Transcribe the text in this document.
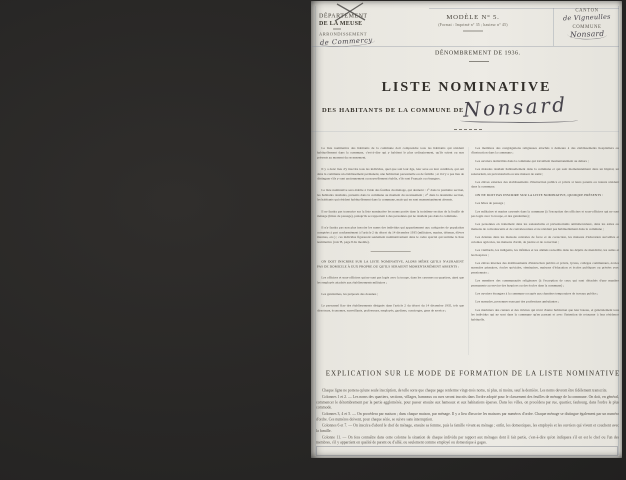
DÉPARTEMENT
DE LA MEUSE
ARRONDISSEMENT
de Commercy
MODÈLE N° 5.
(Format : Imprimé n° 35 ; hauteur n° 45)
CANTON
de Vigneulles
COMMUNE
Nonsard
DÉNOMBREMENT DE 1936.
LISTE NOMINATIVE
DES HABITANTS DE LA COMMUNE DE
Nonsard

La liste nominative des habitants de la commune doit comprendre tous les habitants qui résident habituellement dans la commune, c'est-à-dire qui y habitent le plus ordinairement, qu'ils soient ou non présents au moment du recensement.

Il y a donc lieu d'y inscrire tous les individus, quel que soit leur âge, leur sexe ou leur condition, qui ont dans la commune un établissement permanent, une habitation personnelle ou de famille ; et il n'y a pas lieu de distinguer s'ils y sont anciennement ou nouvellement établis, s'ils sont Français ou étrangers.

La liste nominative sera établie à l'aide des feuilles du ménage, qui donnent : 1° dans la première section, les habitants résidants, présents dans la commune au moment du recensement ; 2° dans la deuxième section, les habitants qui résident habituellement dans la commune, mais qui en sont momentanément absents.

Il ne faudra pas transcrire sur la liste nominative les noms portés dans la troisième section de la feuille de ménage (hôtes de passage), puisqu'ils se rapportent à des personnes qui ne résident pas dans la commune.

Il n'y faudra pas non plus inscrire les noms des individus qui appartiennent aux catégories de population comptées à part conformément à l'article 2 du décret du 14 décembre 1935 (militaires, marins, détenus, élèves internes, etc.) ; ces individus figureront seulement nominativement dans le cadre spécial qui termine la liste nominative (voir B, page 8 du modèle).

ON DOIT INSCRIRE SUR LA LISTE NOMINATIVE, ALORS MÊME QU'ILS N'AURAIENT PAS DE DOMICILE À EUX PROPRE OU QU'ILS SERAIENT MOMENTANÉMENT ABSENTS :

Les officiers et sous-officiers qui ne sont pas logés avec la troupe, dans les casernes ou quartiers, ainsi que les employés attachés aux établissements militaires ;

Les gendarmes, les préposés des douanes ;

Le personnel fixe des établissements désignés dans l'article 2 du décret du 14 décembre 1935, tels que directeurs, économes, surveillants, professeurs, employés, gardiens, concierges, gens de service ;

Les membres des congrégations religieuses attachés à demeure à des établissements hospitaliers ou d'instruction dans la commune ;

Les ouvriers domiciliés dans la commune qui travaillent momentanément au dehors ;

Les malades résidant habituellement dans la commune et qui sont momentanément dans un hôpital, un sanatorium, un préventorium ou une maison de santé ;

Les élèves externes des établissements d'instruction publics et privés si leurs parents ou tuteurs résident dans la commune.

ON NE DOIT PAS INSCRIRE SUR LA LISTE NOMINATIVE, QUOIQUE PRÉSENTS :

Les hôtes de passage ;

Les militaires et marins casernés dans la commune (à l'exception des officiers et sous-officiers qui ne sont pas logés avec la troupe, et des gendarmes) ;

Les personnes en traitement dans les sanatoriums et préventoriums antituberculeux, dans les asiles ou maisons de convalescents et de convalescentes et ne résidant pas habituellement dans la commune ;

Les détenus dans les maisons centrales de force et de correction, les maisons d'éducation surveillée et colonies agricoles, les maisons d'arrêt, de justice et de correction ;

Les vieillards, les indigents, les infirmes et les aliénés recueillis dans les dépôts de mendicité, les asiles et les hospices ;

Les élèves internes des établissements d'instruction publics et privés, lycées, collèges communaux, écoles normales primaires, écoles spéciales, séminaires, maisons d'éducation et écoles publiques ou privées avec pensionnats ;

Les membres des communautés religieuses (à l'exception de ceux qui sont détachés d'une manière permanente au service des hospices ou des écoles dans la commune) ;

Les ouvriers étrangers à la commune occupés aux chantiers temporaires de travaux publics ;

Les nomades, personnes exerçant des professions ambulantes ;

Les mariniers des canaux et des rivières qui n'ont d'autre habitation que leur bateau, et généralement tous les individus qui ne sont dans la commune qu'en passant et avec l'intention de retourner à leur résidence habituelle.

EXPLICATION SUR LE MODE DE FORMATION DE LA LISTE NOMINATIVE

Chaque ligne ne portera qu'une seule inscription, de telle sorte que chaque page renferme vingt-trois noms, ni plus, ni moins, sauf la dernière. Les noms devront être fidèlement transcrits.

Colonnes 1 et 2. — Les noms des quartiers, sections, villages, hameaux ou rues seront inscrits dans l'ordre adopté pour le classement des feuilles de ménage de la commune. On doit, en général, commencer le dénombrement par la partie agglomérée, pour passer ensuite aux hameaux et aux habitations éparses. Dans les villes, on procédera par rue, quartier, faubourg, dans l'ordre le plus commode.

Colonnes 3, 4 et 5. — On procédera par maison ; dans chaque maison, par ménage. Il y a lieu d'inscrire les maisons par numéros d'ordre. Chaque ménage se distingue également par un numéro d'ordre. Ces numéros doivent, pour chaque série, se suivre sans interruption.

Colonnes 6 et 7. — On inscrira d'abord le chef de ménage, ensuite sa femme, puis la famille vivant au ménage ; enfin, les domestiques, les employés et les ouvriers qui vivent et couchent avec la famille.

Colonne 11. — On fera connaître dans cette colonne la situation de chaque individu par rapport aux ménages dont il fait partie, c'est-à-dire qu'on indiquera s'il en est le chef ou l'un des membres, s'il y appartient en qualité de parent ou d'allié, ou seulement comme employé ou domestique à gages.
